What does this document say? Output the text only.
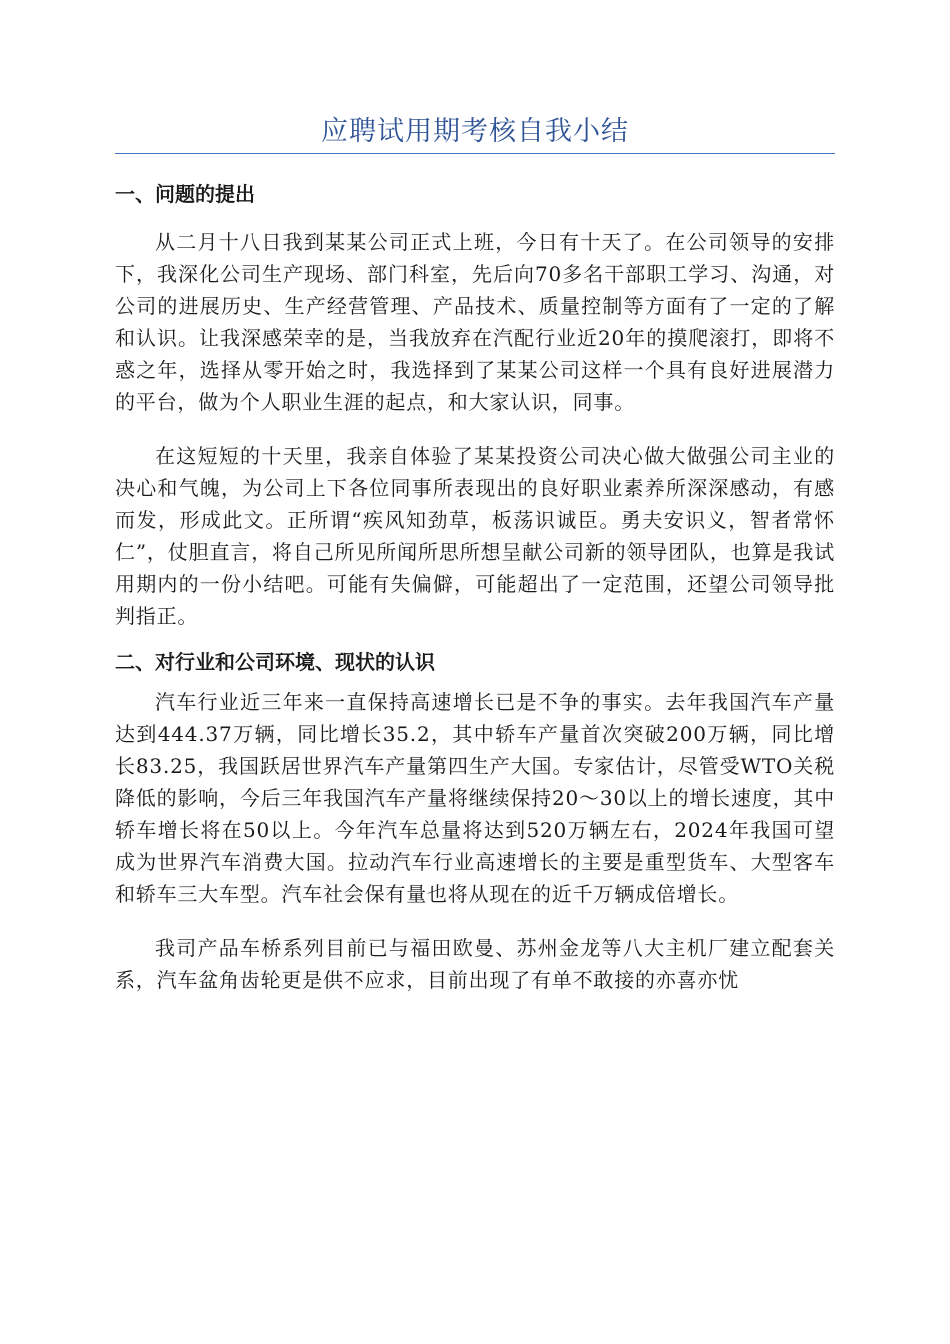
应聘试用期考核自我小结

一、问题的提出

从二月十八日我到某某公司正式上班，今日有十天了。在公司领导的安排下，我深化公司生产现场、部门科室，先后向70多名干部职工学习、沟通，对公司的进展历史、生产经营管理、产品技术、质量控制等方面有了一定的了解和认识。让我深感荣幸的是，当我放弃在汽配行业近20年的摸爬滚打，即将不惑之年，选择从零开始之时，我选择到了某某公司这样一个具有良好进展潜力的平台，做为个人职业生涯的起点，和大家认识，同事。

在这短短的十天里，我亲自体验了某某投资公司决心做大做强公司主业的决心和气魄，为公司上下各位同事所表现出的良好职业素养所深深感动，有感而发，形成此文。正所谓“疾风知劲草，板荡识诚臣。勇夫安识义，智者常怀仁”，仗胆直言，将自己所见所闻所思所想呈献公司新的领导团队，也算是我试用期内的一份小结吧。可能有失偏僻，可能超出了一定范围，还望公司领导批判指正。

二、对行业和公司环境、现状的认识

汽车行业近三年来一直保持高速增长已是不争的事实。去年我国汽车产量达到444.37万辆，同比增长35.2，其中轿车产量首次突破200万辆，同比增长83.25，我国跃居世界汽车产量第四生产大国。专家估计，尽管受WTO关税降低的影响，今后三年我国汽车产量将继续保持20～30以上的增长速度，其中轿车增长将在50以上。今年汽车总量将达到520万辆左右，2024年我国可望成为世界汽车消费大国。拉动汽车行业高速增长的主要是重型货车、大型客车和轿车三大车型。汽车社会保有量也将从现在的近千万辆成倍增长。

我司产品车桥系列目前已与福田欧曼、苏州金龙等八大主机厂建立配套关系，汽车盆角齿轮更是供不应求，目前出现了有单不敢接的亦喜亦忧
